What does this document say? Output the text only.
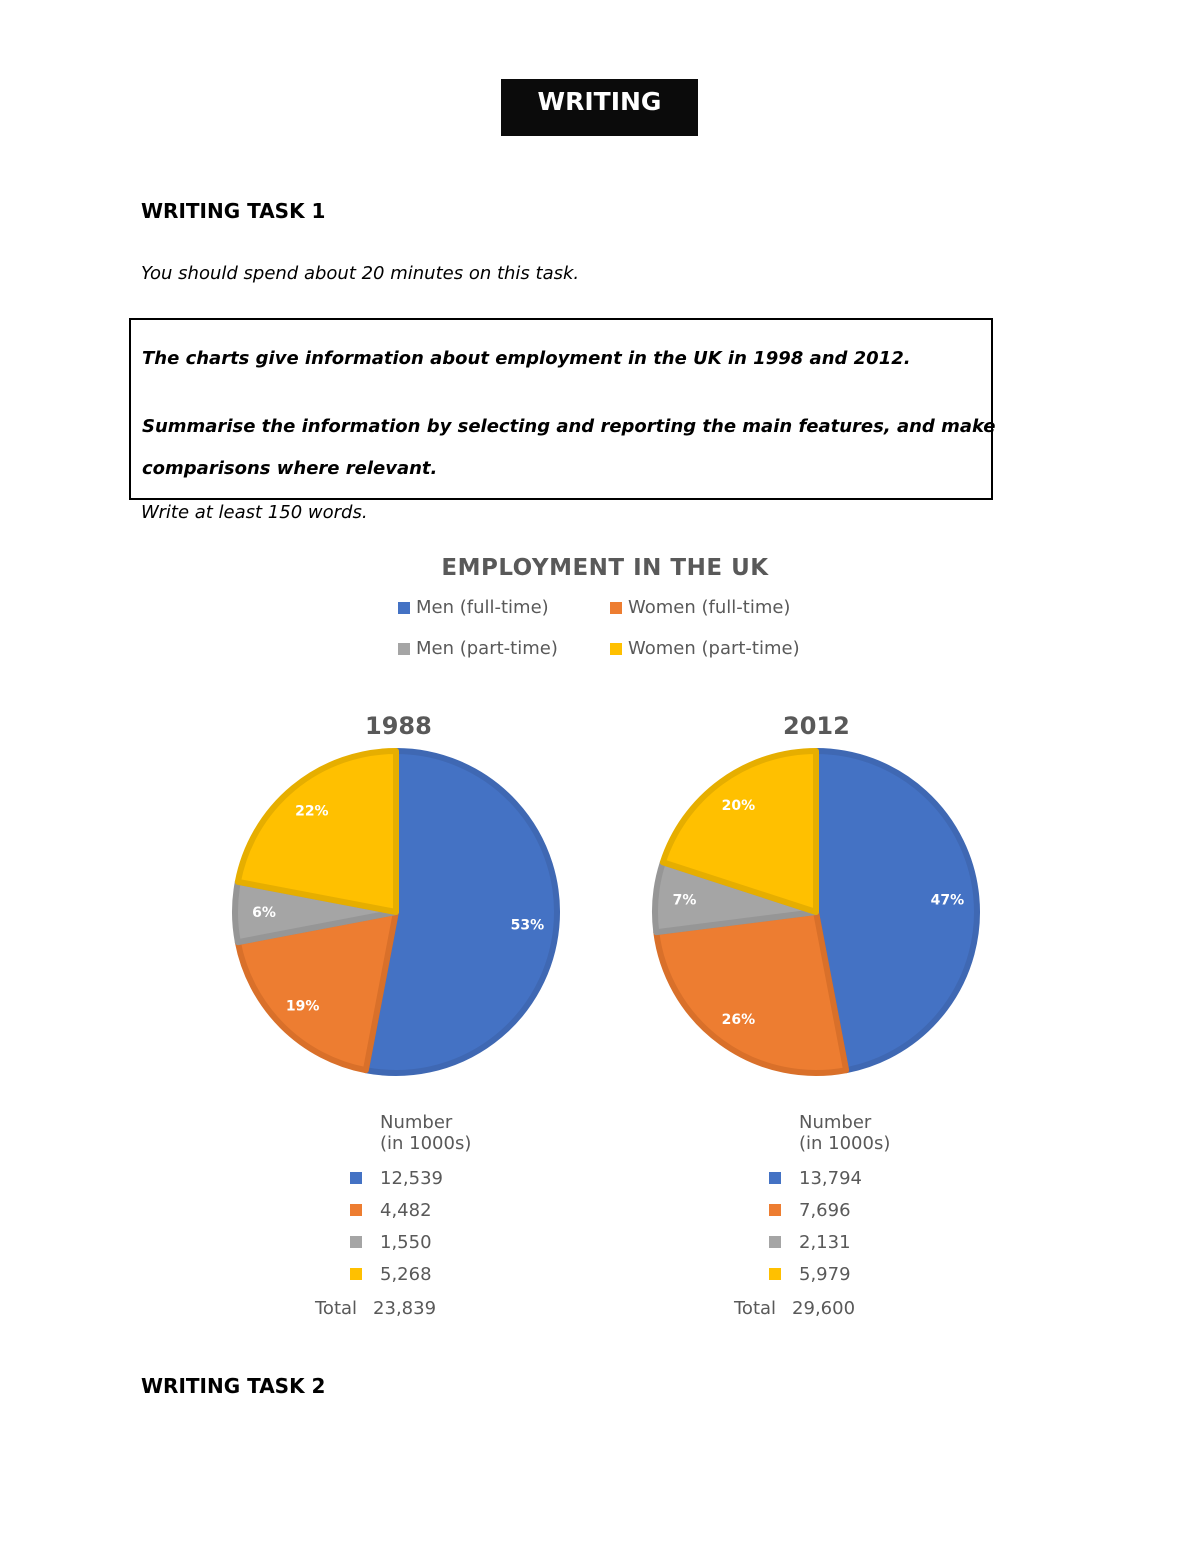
WRITING
WRITING TASK 1
You should spend about 20 minutes on this task.

The charts give information about employment in the UK in 1998 and 2012.

Summarise the information by selecting and reporting the main features, and make

comparisons where relevant.

Write at least 150 words.
EMPLOYMENT IN THE UK
Men (full-time)	Women (full-time)
Men (part-time)	Women (part-time)
1988	2012
53%
19%
6%
22%
47%
26%
7%
20%
Number
(in 1000s)
12,539
4,482
1,550
5,268
Total 23,839
Number
(in 1000s)
13,794
7,696
2,131
5,979
Total 29,600
WRITING TASK 2
